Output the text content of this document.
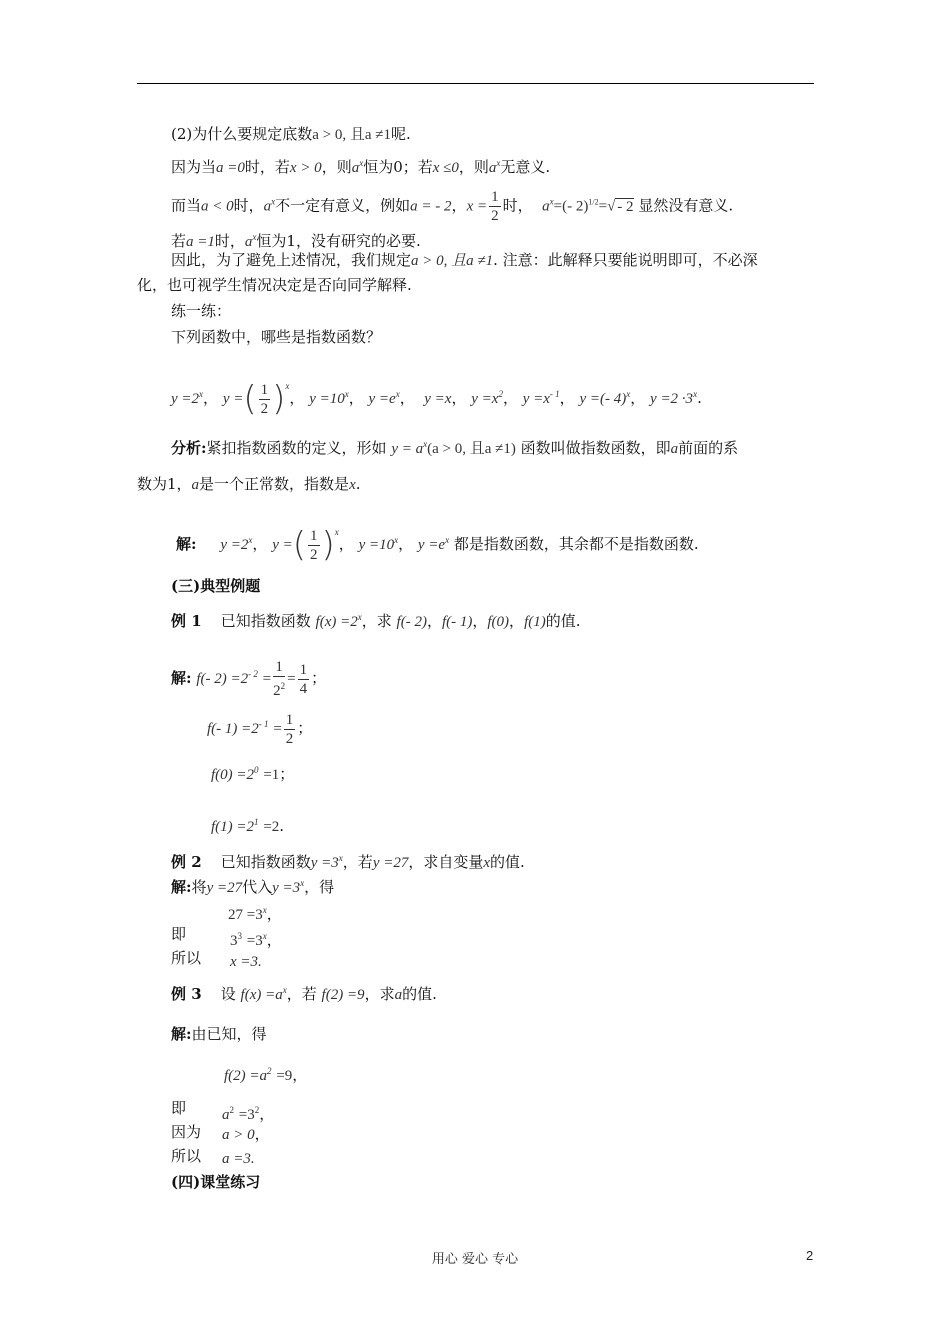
(2)为什么要规定底数a > 0, 且a ≠1呢.
因为当a =0时，若x > 0，则$a^x$恒为0；若x ≤0，则$a^x$无意义.
而当a < 0时，$a^x$不一定有意义，例如a = - 2，$x = \frac{1}{2}$ 时， $a^x=(-$ 2)$^{1/2}$=√ - 2 显然没有意义.
若a =1时，$a^x$恒为1，没有研究的必要.
因此，为了避免上述情况，我们规定a > 0, 且a ≠1. 注意：此解释只要能说明即可，不必深
化，也可视学生情况决定是否向同学解释.
练一练：
下列函数中，哪些是指数函数？
$y =2^x$， y =( $\frac{1}{2} )^x$， $y =10^x$， $y =e^x$， y =x， $y =x^2$， $y =x^{- 1}$， y =(- 4)$^x$， $y =2 \cdot 3^x$.
分析:紧扣指数函数的定义，形如 $y = a^x(a > 0$, 且a ≠1) 函数叫做指数函数，即a前面的系
数为1，a是一个正常数，指数是x.
解: $y =2^x$， y =( $\frac{1}{2} )^x$， $y =10^x$， $y =e^x$ 都是指数函数，其余都不是指数函数.
(三)典型例题
例 1 已知指数函数 $f(x) =2^x$，求 f(- 2)，f(- 1)，f(0)，f(1)的值.
解: f(- $2) =2^{- 2} = \frac{1}{2^2} = \frac{1}{4}$ ；
f(- $1) =2^{- 1} = \frac{1}{2}$ ；
$f(0) =2^0 =1$；
$f(1) =2^1 =2$.
例 2 已知指数函数$y =3^x$，若y =27，求自变量x的值.
解:将y =27代入$y =3^x$，得
$27 =3^x$，
即	$3^3 =3^x$，
所以 x =3.
例 3 设 $f(x) =a^x$，若 f(2) =9，求a的值.
解:由已知，得
$f(2) =a^2 =9$，
即 $a^2 =3^2$，
因为 a > 0，
所以 a =3.
(四)课堂练习
用心 爱心 专心	2
